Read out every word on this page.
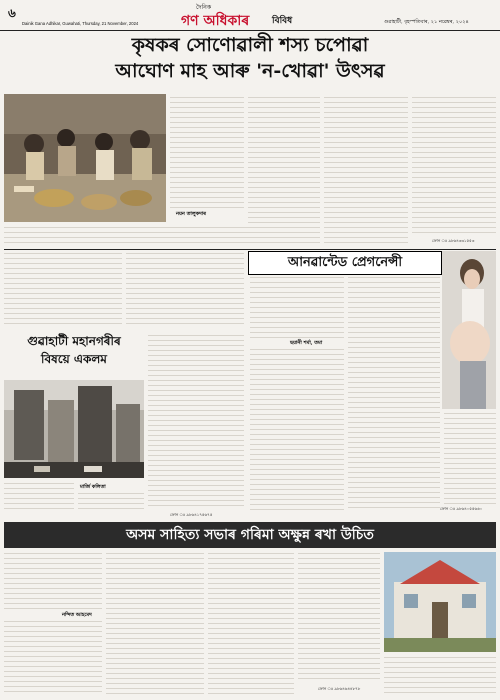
৬
Dainik Gana Adhikar, Guwahati, Thursday, 21 November, 2024
দৈনিক
গণ অধিকাৰ	বিবিধ	গুৱাহাটী, বৃহস্পতিবাৰ, ২১ নৱেম্বৰ, ২০২৪
কৃষকৰ সোণোৱালী শস্য চপোৱা
আঘোণ মাহ আৰু 'ন-খোৱা' উৎসৱ
নয়ন তালুকদাৰ
ফোন ঃ ৯৮৬৪৩৩১৫৫৩
আনৱান্টেড প্ৰেগনেন্সী
ছয়ানী শৰ্মা, তমা
ফোন ঃ ৯৮৬৪০৫৫৬৬০
গুৱাহাটী মহানগৰীৰ
বিষয়ে একলম
মাৰ্জি কলিতা
ফোন ঃ ৯৮৬৪১৭৫৬৭৫
অসম সাহিত্য সভাৰ গৰিমা অক্ষুন্ন ৰখা উচিত
নন্দিত আহমেদ
ফোন ঃ ৯৮৬৪৬৪৪৮৭৮
